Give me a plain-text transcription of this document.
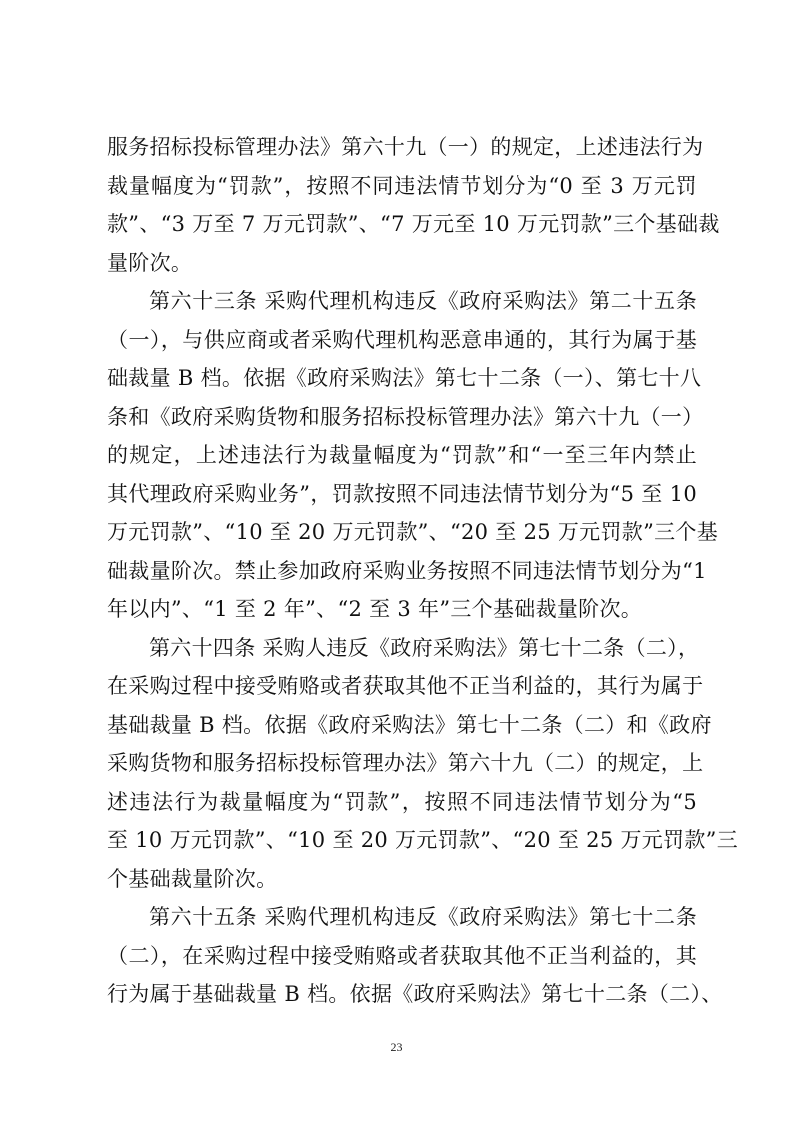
服务招标投标管理办法》第六十九（一）的规定，上述违法行为
裁量幅度为“罚款”，按照不同违法情节划分为“0 至 3 万元罚
款”、“3 万至 7 万元罚款”、“7 万元至 10 万元罚款”三个基础裁
量阶次。
第六十三条 采购代理机构违反《政府采购法》第二十五条
（一），与供应商或者采购代理机构恶意串通的，其行为属于基
础裁量 B 档。依据《政府采购法》第七十二条（一）、第七十八
条和《政府采购货物和服务招标投标管理办法》第六十九（一）
的规定，上述违法行为裁量幅度为“罚款”和“一至三年内禁止
其代理政府采购业务”，罚款按照不同违法情节划分为“5 至 10
万元罚款”、“10 至 20 万元罚款”、“20 至 25 万元罚款”三个基
础裁量阶次。禁止参加政府采购业务按照不同违法情节划分为“1
年以内”、“1 至 2 年”、“2 至 3 年”三个基础裁量阶次。
第六十四条 采购人违反《政府采购法》第七十二条（二），
在采购过程中接受贿赂或者获取其他不正当利益的，其行为属于
基础裁量 B 档。依据《政府采购法》第七十二条（二）和《政府
采购货物和服务招标投标管理办法》第六十九（二）的规定，上
述违法行为裁量幅度为“罚款”，按照不同违法情节划分为“5
至 10 万元罚款”、“10 至 20 万元罚款”、“20 至 25 万元罚款”三
个基础裁量阶次。
第六十五条 采购代理机构违反《政府采购法》第七十二条
（二），在采购过程中接受贿赂或者获取其他不正当利益的，其
行为属于基础裁量 B 档。依据《政府采购法》第七十二条（二）、
23
